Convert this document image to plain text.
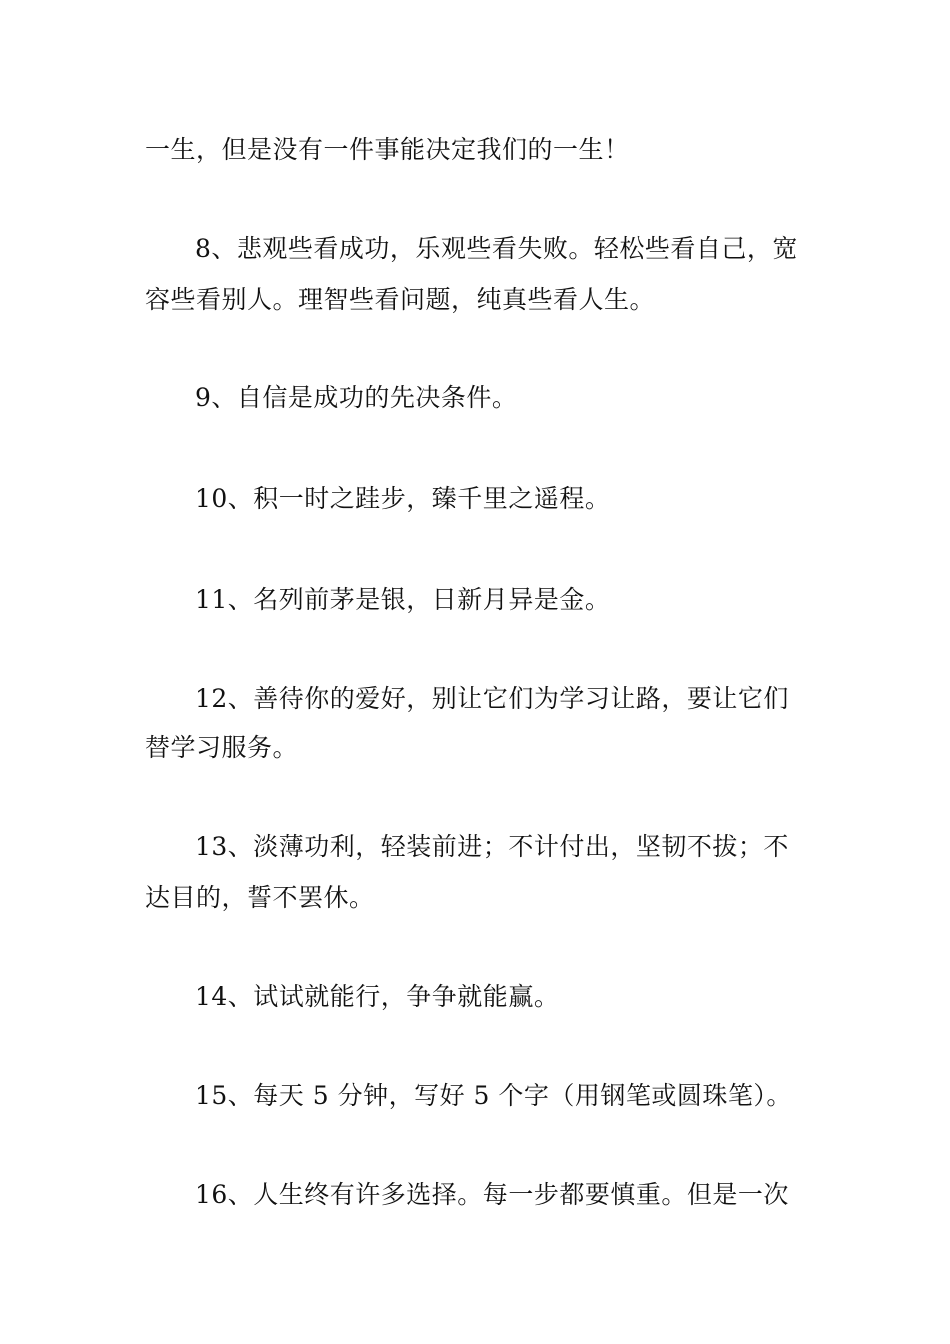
一生，但是没有一件事能决定我们的一生！
8、悲观些看成功，乐观些看失败。轻松些看自己，宽
容些看别人。理智些看问题，纯真些看人生。
9、自信是成功的先决条件。
10、积一时之跬步，臻千里之遥程。
11、名列前茅是银，日新月异是金。
12、善待你的爱好，别让它们为学习让路，要让它们
替学习服务。
13、淡薄功利，轻装前进；不计付出，坚韧不拔；不
达目的，誓不罢休。
14、试试就能行，争争就能赢。
15、每天 5 分钟，写好 5 个字（用钢笔或圆珠笔）。
16、人生终有许多选择。每一步都要慎重。但是一次
